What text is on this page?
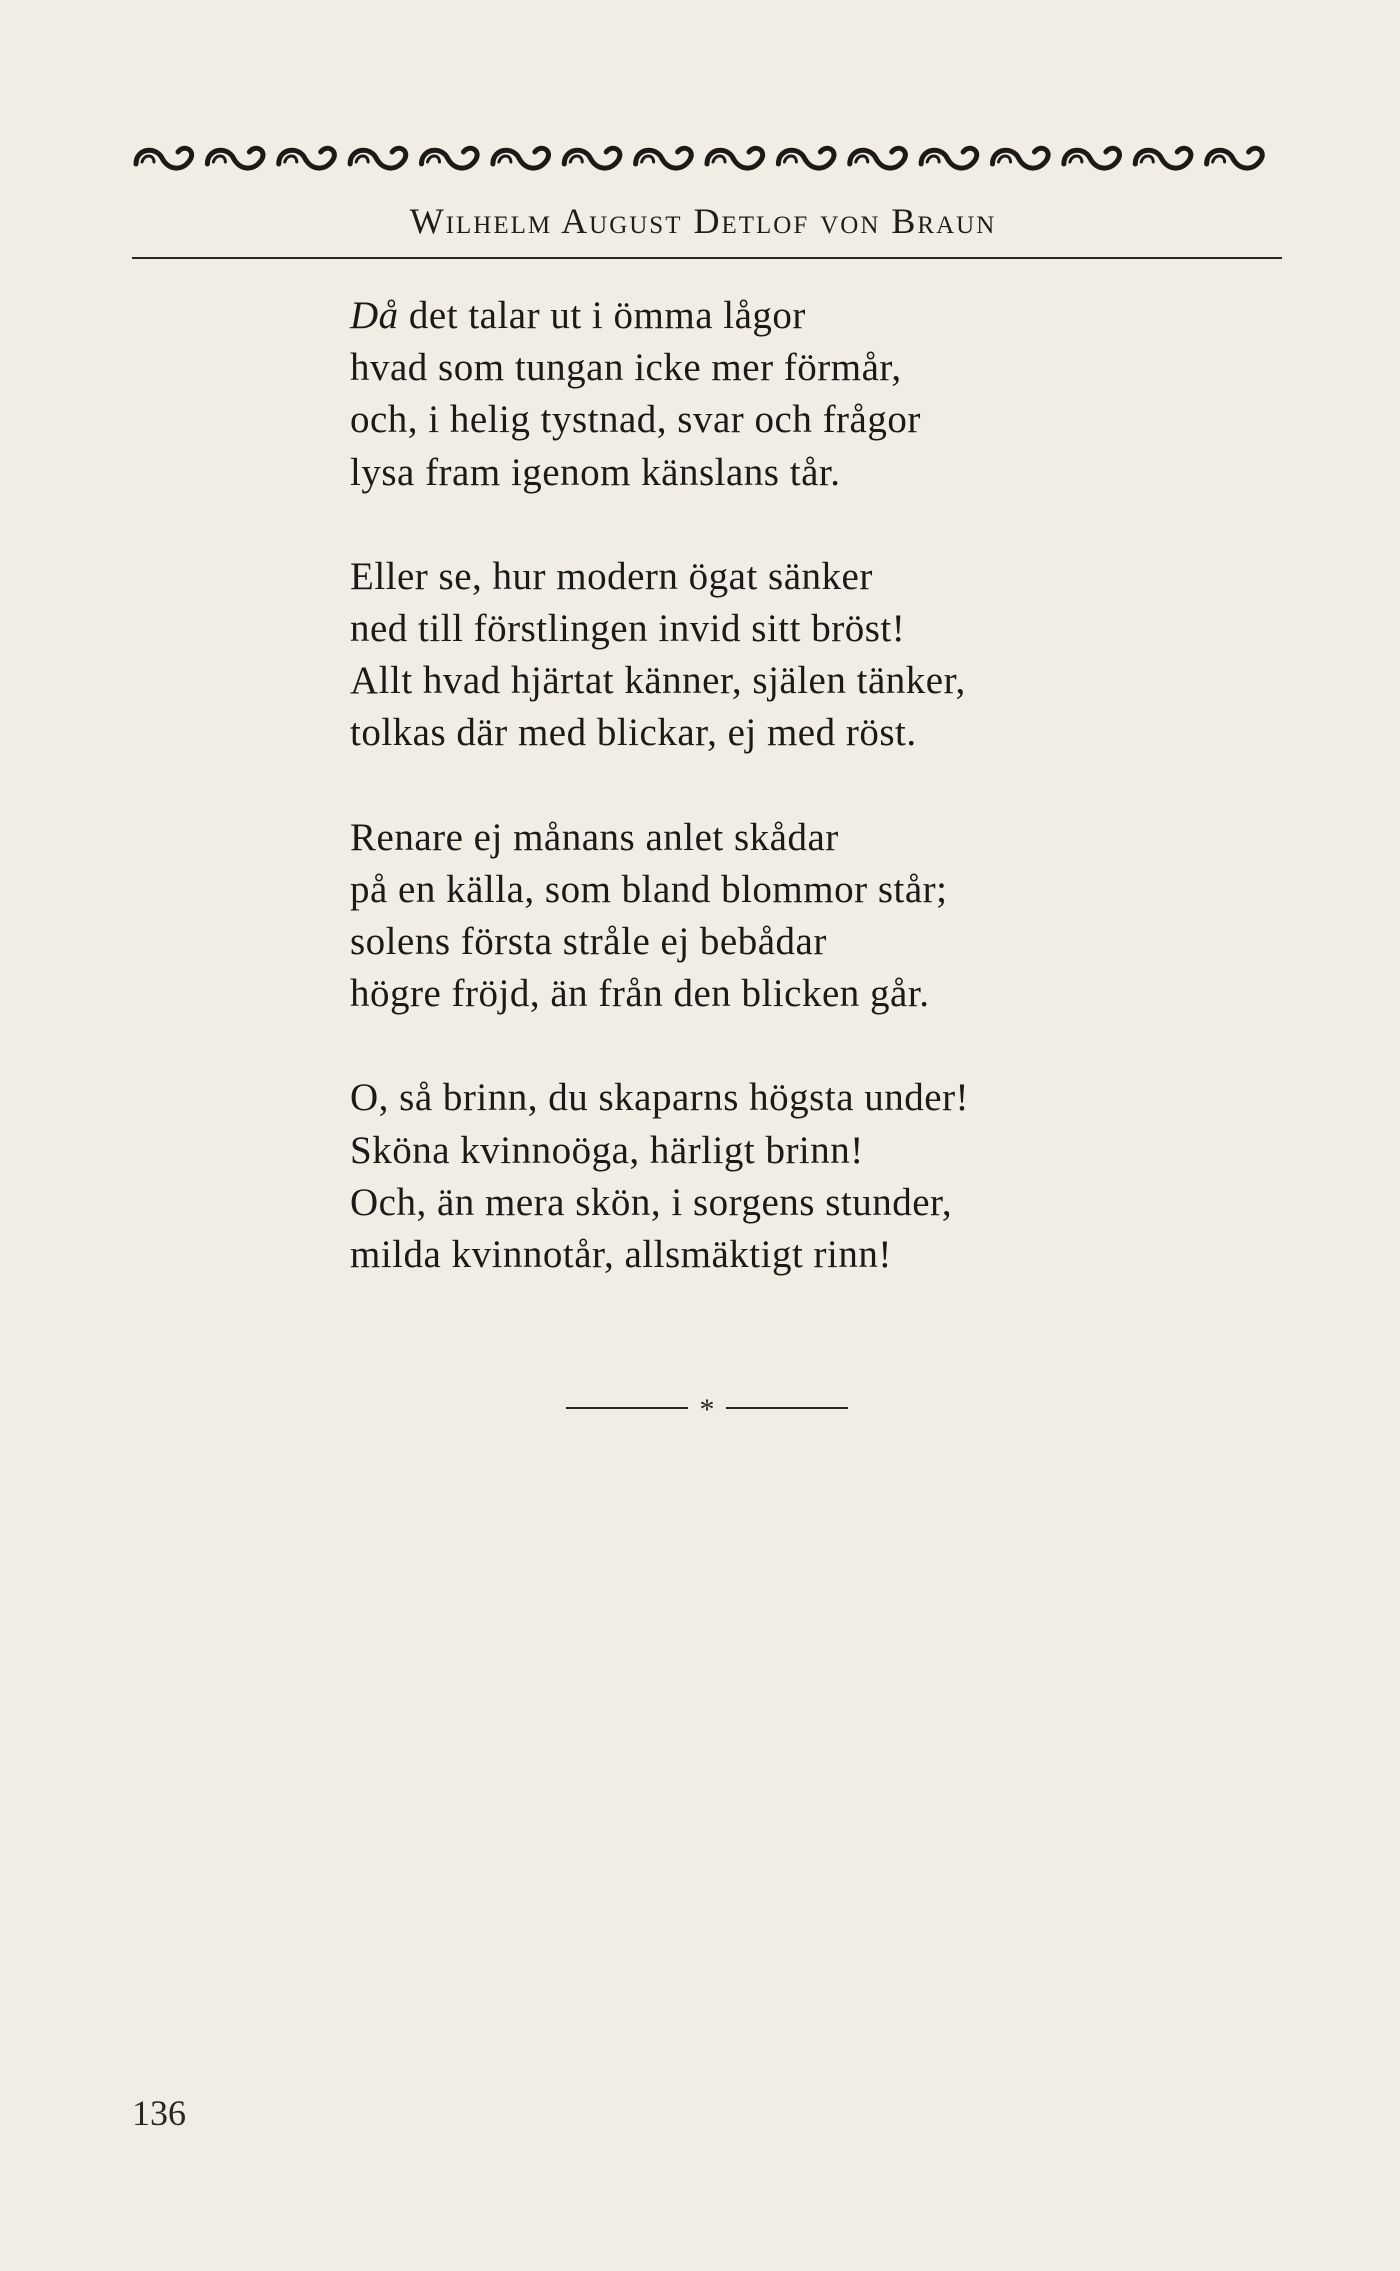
Wilhelm August Detlof von Braun
Då det talar ut i ömma lågor
hvad som tungan icke mer förmår,
och, i helig tystnad, svar och frågor
lysa fram igenom känslans tår.
Eller se, hur modern ögat sänker
ned till förstlingen invid sitt bröst!
Allt hvad hjärtat känner, själen tänker,
tolkas där med blickar, ej med röst.
Renare ej månans anlet skådar
på en källa, som bland blommor står;
solens första stråle ej bebådar
högre fröjd, än från den blicken går.
O, så brinn, du skaparns högsta under!
Sköna kvinnoöga, härligt brinn!
Och, än mera skön, i sorgens stunder,
milda kvinnotår, allsmäktigt rinn!
*
136
